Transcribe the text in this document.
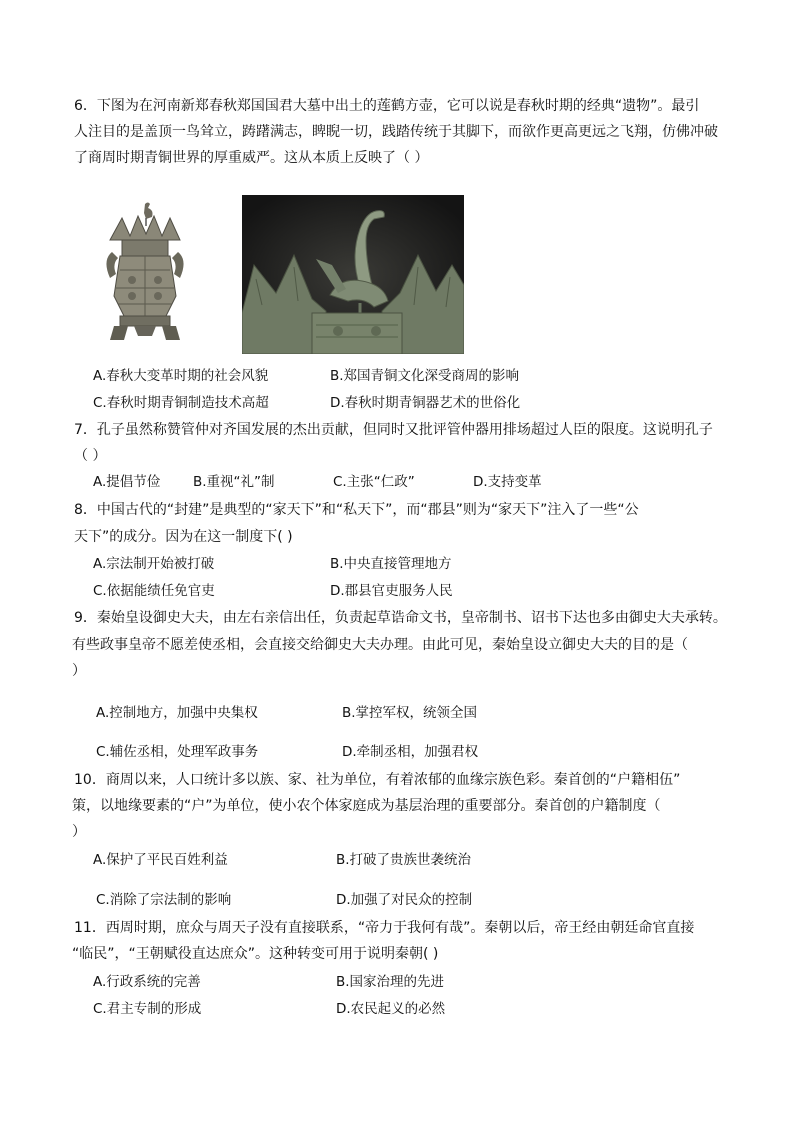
6．下图为在河南新郑春秋郑国国君大墓中出土的莲鹤方壶，它可以说是春秋时期的经典“遗物”。最引
人注目的是盖顶一鸟耸立，踌躇满志，睥睨一切，践踏传统于其脚下，而欲作更高更远之飞翔，仿佛冲破
了商周时期青铜世界的厚重威严。这从本质上反映了（ ）
A.春秋大变革时期的社会风貌	B.郑国青铜文化深受商周的影响
C.春秋时期青铜制造技术高超	D.春秋时期青铜器艺术的世俗化
7．孔子虽然称赞管仲对齐国发展的杰出贡献，但同时又批评管仲器用排场超过人臣的限度。这说明孔子
（ ）
A.提倡节俭 B.重视“礼”制	C.主张“仁政”	D.支持变革
8．中国古代的“封建”是典型的“家天下”和“私天下”，而“郡县”则为“家天下”注入了一些“公
天下”的成分。因为在这一制度下( )
A.宗法制开始被打破	B.中央直接管理地方
C.依据能绩任免官吏	D.郡县官吏服务人民
9．秦始皇设御史大夫，由左右亲信出任，负责起草诰命文书，皇帝制书、诏书下达也多由御史大夫承转。
有些政事皇帝不愿差使丞相，会直接交给御史大夫办理。由此可见，秦始皇设立御史大夫的目的是（
）
A.控制地方，加强中央集权	B.掌控军权，统领全国
C.辅佐丞相，处理军政事务	D.牵制丞相，加强君权
10．商周以来，人口统计多以族、家、社为单位，有着浓郁的血缘宗族色彩。秦首创的“户籍相伍”
策，以地缘要素的“户”为单位，使小农个体家庭成为基层治理的重要部分。秦首创的户籍制度（
）
A.保护了平民百姓利益	B.打破了贵族世袭统治
C.消除了宗法制的影响	D.加强了对民众的控制
11．西周时期，庶众与周天子没有直接联系，“帝力于我何有哉”。秦朝以后，帝王经由朝廷命官直接
“临民”，“王朝赋役直达庶众”。这种转变可用于说明秦朝( )
A.行政系统的完善	B.国家治理的先进
C.君主专制的形成	D.农民起义的必然
